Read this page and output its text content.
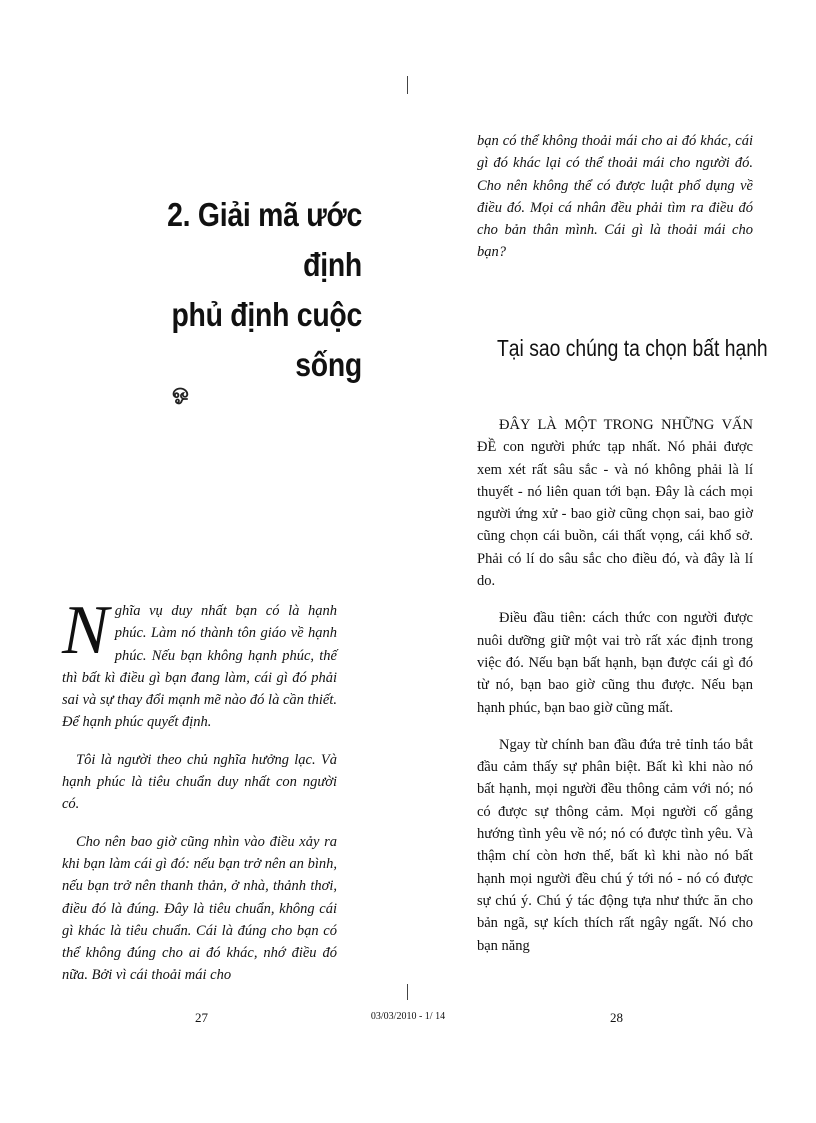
2. Giải mã ước định
phủ định cuộc sống
ஓ

Nghĩa vụ duy nhất bạn có là hạnh phúc. Làm nó thành tôn giáo về hạnh phúc. Nếu bạn không hạnh phúc, thế thì bất kì điều gì bạn đang làm, cái gì đó phải sai và sự thay đổi mạnh mẽ nào đó là cần thiết. Để hạnh phúc quyết định.

Tôi là người theo chủ nghĩa hưởng lạc. Và hạnh phúc là tiêu chuẩn duy nhất con người có.

Cho nên bao giờ cũng nhìn vào điều xảy ra khi bạn làm cái gì đó: nếu bạn trở nên an bình, nếu bạn trở nên thanh thản, ở nhà, thảnh thơi, điều đó là đúng. Đây là tiêu chuẩn, không cái gì khác là tiêu chuẩn. Cái là đúng cho bạn có thể không đúng cho ai đó khác, nhớ điều đó nữa. Bởi vì cái thoải mái cho

27

bạn có thể không thoải mái cho ai đó khác, cái gì đó khác lại có thể thoải mái cho người đó. Cho nên không thể có được luật phổ dụng về điều đó. Mọi cá nhân đều phải tìm ra điều đó cho bản thân mình. Cái gì là thoải mái cho bạn?

Tại sao chúng ta chọn bất hạnh

ĐÂY LÀ MỘT TRONG NHỮNG VẤN ĐỀ con người phức tạp nhất. Nó phải được xem xét rất sâu sắc - và nó không phải là lí thuyết - nó liên quan tới bạn. Đây là cách mọi người ứng xử - bao giờ cũng chọn sai, bao giờ cũng chọn cái buồn, cái thất vọng, cái khổ sở. Phải có lí do sâu sắc cho điều đó, và đây là lí do.

Điều đầu tiên: cách thức con người được nuôi dưỡng giữ một vai trò rất xác định trong việc đó. Nếu bạn bất hạnh, bạn được cái gì đó từ nó, bạn bao giờ cũng thu được. Nếu bạn hạnh phúc, bạn bao giờ cũng mất.

Ngay từ chính ban đầu đứa trẻ tỉnh táo bắt đầu cảm thấy sự phân biệt. Bất kì khi nào nó bất hạnh, mọi người đều thông cảm với nó; nó có được sự thông cảm. Mọi người cố gắng hướng tình yêu về nó; nó có được tình yêu. Và thậm chí còn hơn thế, bất kì khi nào nó bất hạnh mọi người đều chú ý tới nó - nó có được sự chú ý. Chú ý tác động tựa như thức ăn cho bản ngã, sự kích thích rất ngây ngất. Nó cho bạn năng

28
03/03/2010 - 1/ 14
